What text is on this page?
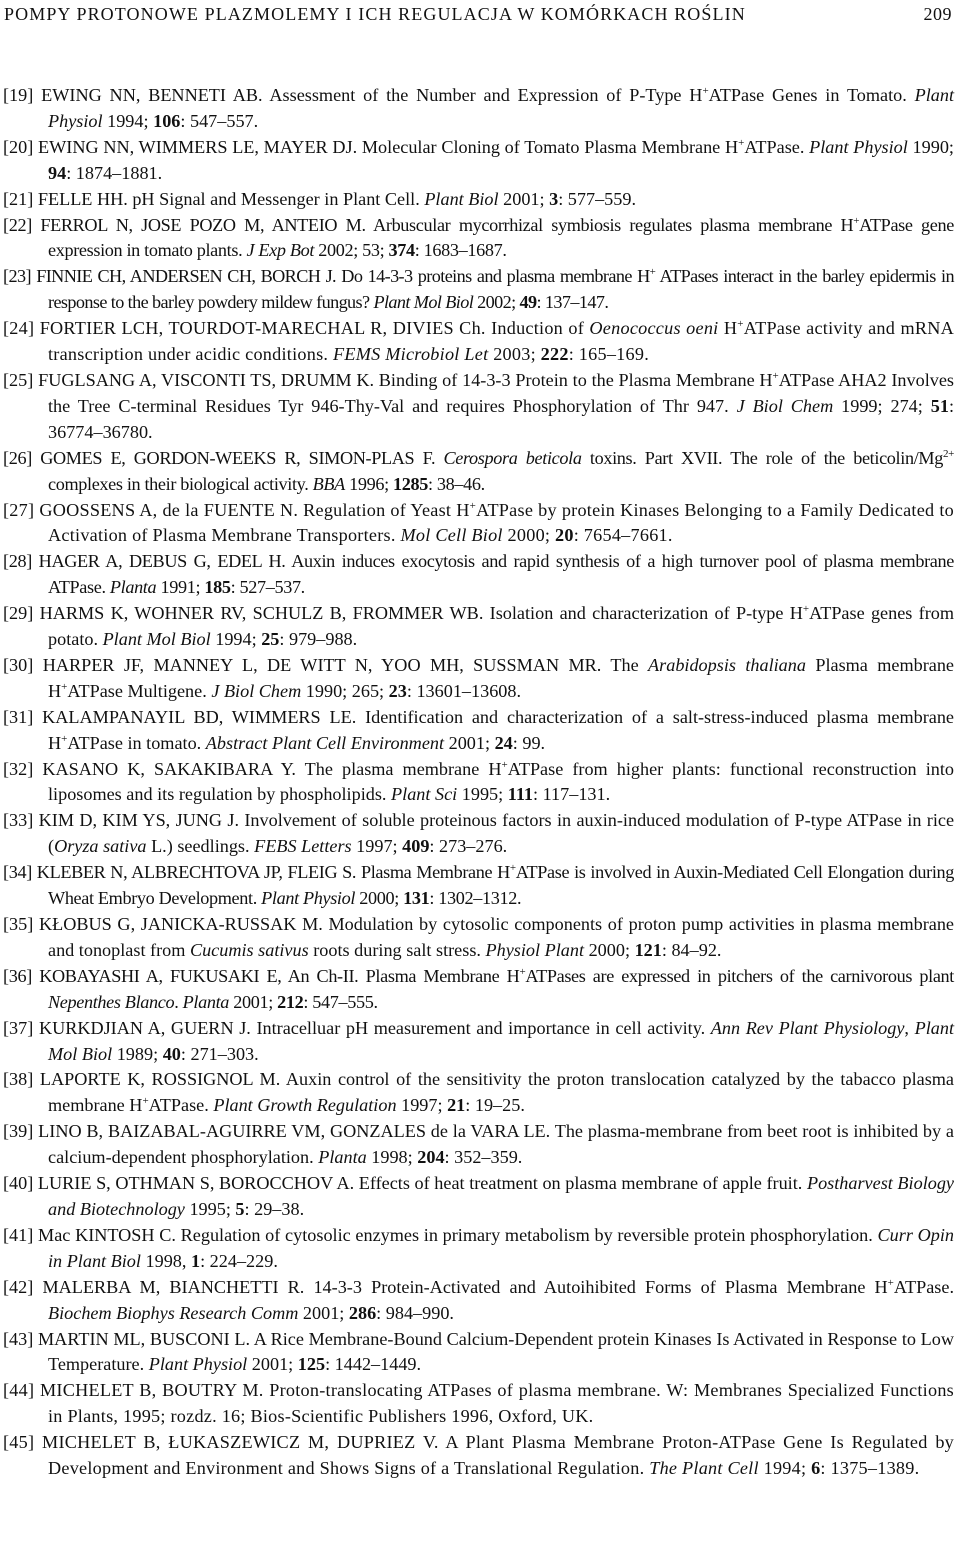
POMPY PROTONOWE PLAZMOLEMY I ICH REGULACJA W KOMÓRKACH ROŚLIN	209
[19] EWING NN, BENNETI AB. Assessment of the Number and Expression of P-Type H+ATPase Genes in Tomato. Plant Physiol 1994; 106: 547–557.
[20] EWING NN, WIMMERS LE, MAYER DJ. Molecular Cloning of Tomato Plasma Membrane H+ATPase. Plant Physiol 1990; 94: 1874–1881.
[21] FELLE HH. pH Signal and Messenger in Plant Cell. Plant Biol 2001; 3: 577–559.
[22] FERROL N, JOSE POZO M, ANTEIO M. Arbuscular mycorrhizal symbiosis regulates plasma membrane H+ATPase gene expression in tomato plants. J Exp Bot 2002; 53; 374: 1683–1687.
[23] FINNIE CH, ANDERSEN CH, BORCH J. Do 14-3-3 proteins and plasma membrane H+ ATPases interact in the barley epidermis in response to the barley powdery mildew fungus? Plant Mol Biol 2002; 49: 137–147.
[24] FORTIER LCH, TOURDOT-MARECHAL R, DIVIES Ch. Induction of Oenococcus oeni H+ATPase activity and mRNA transcription under acidic conditions. FEMS Microbiol Let 2003; 222: 165–169.
[25] FUGLSANG A, VISCONTI TS, DRUMM K. Binding of 14-3-3 Protein to the Plasma Membrane H+ATPase AHA2 Involves the Tree C-terminal Residues Tyr 946-Thy-Val and requires Phosphorylation of Thr 947. J Biol Chem 1999; 274; 51: 36774–36780.
[26] GOMES E, GORDON-WEEKS R, SIMON-PLAS F. Cerospora beticola toxins. Part XVII. The role of the beticolin/$Mg^{2+}$ complexes in their biological activity. BBA 1996; 1285: 38–46.
[27] GOOSSENS A, de la FUENTE N. Regulation of Yeast H+ATPase by protein Kinases Belonging to a Family Dedicated to Activation of Plasma Membrane Transporters. Mol Cell Biol 2000; 20: 7654–7661.
[28] HAGER A, DEBUS G, EDEL H. Auxin induces exocytosis and rapid synthesis of a high turnover pool of plasma membrane ATPase. Planta 1991; 185: 527–537.
[29] HARMS K, WOHNER RV, SCHULZ B, FROMMER WB. Isolation and characterization of P-type H+ATPase genes from potato. Plant Mol Biol 1994; 25: 979–988.
[30] HARPER JF, MANNEY L, DE WITT N, YOO MH, SUSSMAN MR. The Arabidopsis thaliana Plasma membrane H+ATPase Multigene. J Biol Chem 1990; 265; 23: 13601–13608.
[31] KALAMPANAYIL BD, WIMMERS LE. Identification and characterization of a salt-stress-induced plasma membrane H+ATPase in tomato. Abstract Plant Cell Environment 2001; 24: 99.
[32] KASANO K, SAKAKIBARA Y. The plasma membrane H+ATPase from higher plants: functional reconstruction into liposomes and its regulation by phospholipids. Plant Sci 1995; 111: 117–131.
[33] KIM D, KIM YS, JUNG J. Involvement of soluble proteinous factors in auxin-induced modulation of P-type ATPase in rice (Oryza sativa L.) seedlings. FEBS Letters 1997; 409: 273–276.
[34] KLEBER N, ALBRECHTOVA JP, FLEIG S. Plasma Membrane H+ATPase is involved in Auxin-Mediated Cell Elongation during Wheat Embryo Development. Plant Physiol 2000; 131: 1302–1312.
[35] KŁOBUS G, JANICKA-RUSSAK M. Modulation by cytosolic components of proton pump activities in plasma membrane and tonoplast from Cucumis sativus roots during salt stress. Physiol Plant 2000; 121: 84–92.
[36] KOBAYASHI A, FUKUSAKI E, An Ch-II. Plasma Membrane H+ATPases are expressed in pitchers of the carnivorous plant Nepenthes Blanco. Planta 2001; 212: 547–555.
[37] KURKDJIAN A, GUERN J. Intracelluar pH measurement and importance in cell activity. Ann Rev Plant Physiology, Plant Mol Biol 1989; 40: 271–303.
[38] LAPORTE K, ROSSIGNOL M. Auxin control of the sensitivity the proton translocation catalyzed by the tabacco plasma membrane H+ATPase. Plant Growth Regulation 1997; 21: 19–25.
[39] LINO B, BAIZABAL-AGUIRRE VM, GONZALES de la VARA LE. The plasma-membrane from beet root is inhibited by a calcium-dependent phosphorylation. Planta 1998; 204: 352–359.
[40] LURIE S, OTHMAN S, BOROCCHOV A. Effects of heat treatment on plasma membrane of apple fruit. Postharvest Biology and Biotechnology 1995; 5: 29–38.
[41] Mac KINTOSH C. Regulation of cytosolic enzymes in primary metabolism by reversible protein phosphorylation. Curr Opin in Plant Biol 1998, 1: 224–229.
[42] MALERBA M, BIANCHETTI R. 14-3-3 Protein-Activated and Autoihibited Forms of Plasma Membrane H+ATPase. Biochem Biophys Research Comm 2001; 286: 984–990.
[43] MARTIN ML, BUSCONI L. A Rice Membrane-Bound Calcium-Dependent protein Kinases Is Activated in Response to Low Temperature. Plant Physiol 2001; 125: 1442–1449.
[44] MICHELET B, BOUTRY M. Proton-translocating ATPases of plasma membrane. W: Membranes Specialized Functions in Plants, 1995; rozdz. 16; Bios-Scientific Publishers 1996, Oxford, UK.
[45] MICHELET B, ŁUKASZEWICZ M, DUPRIEZ V. A Plant Plasma Membrane Proton-ATPase Gene Is Regulated by Development and Environment and Shows Signs of a Translational Regulation. The Plant Cell 1994; 6: 1375–1389.
